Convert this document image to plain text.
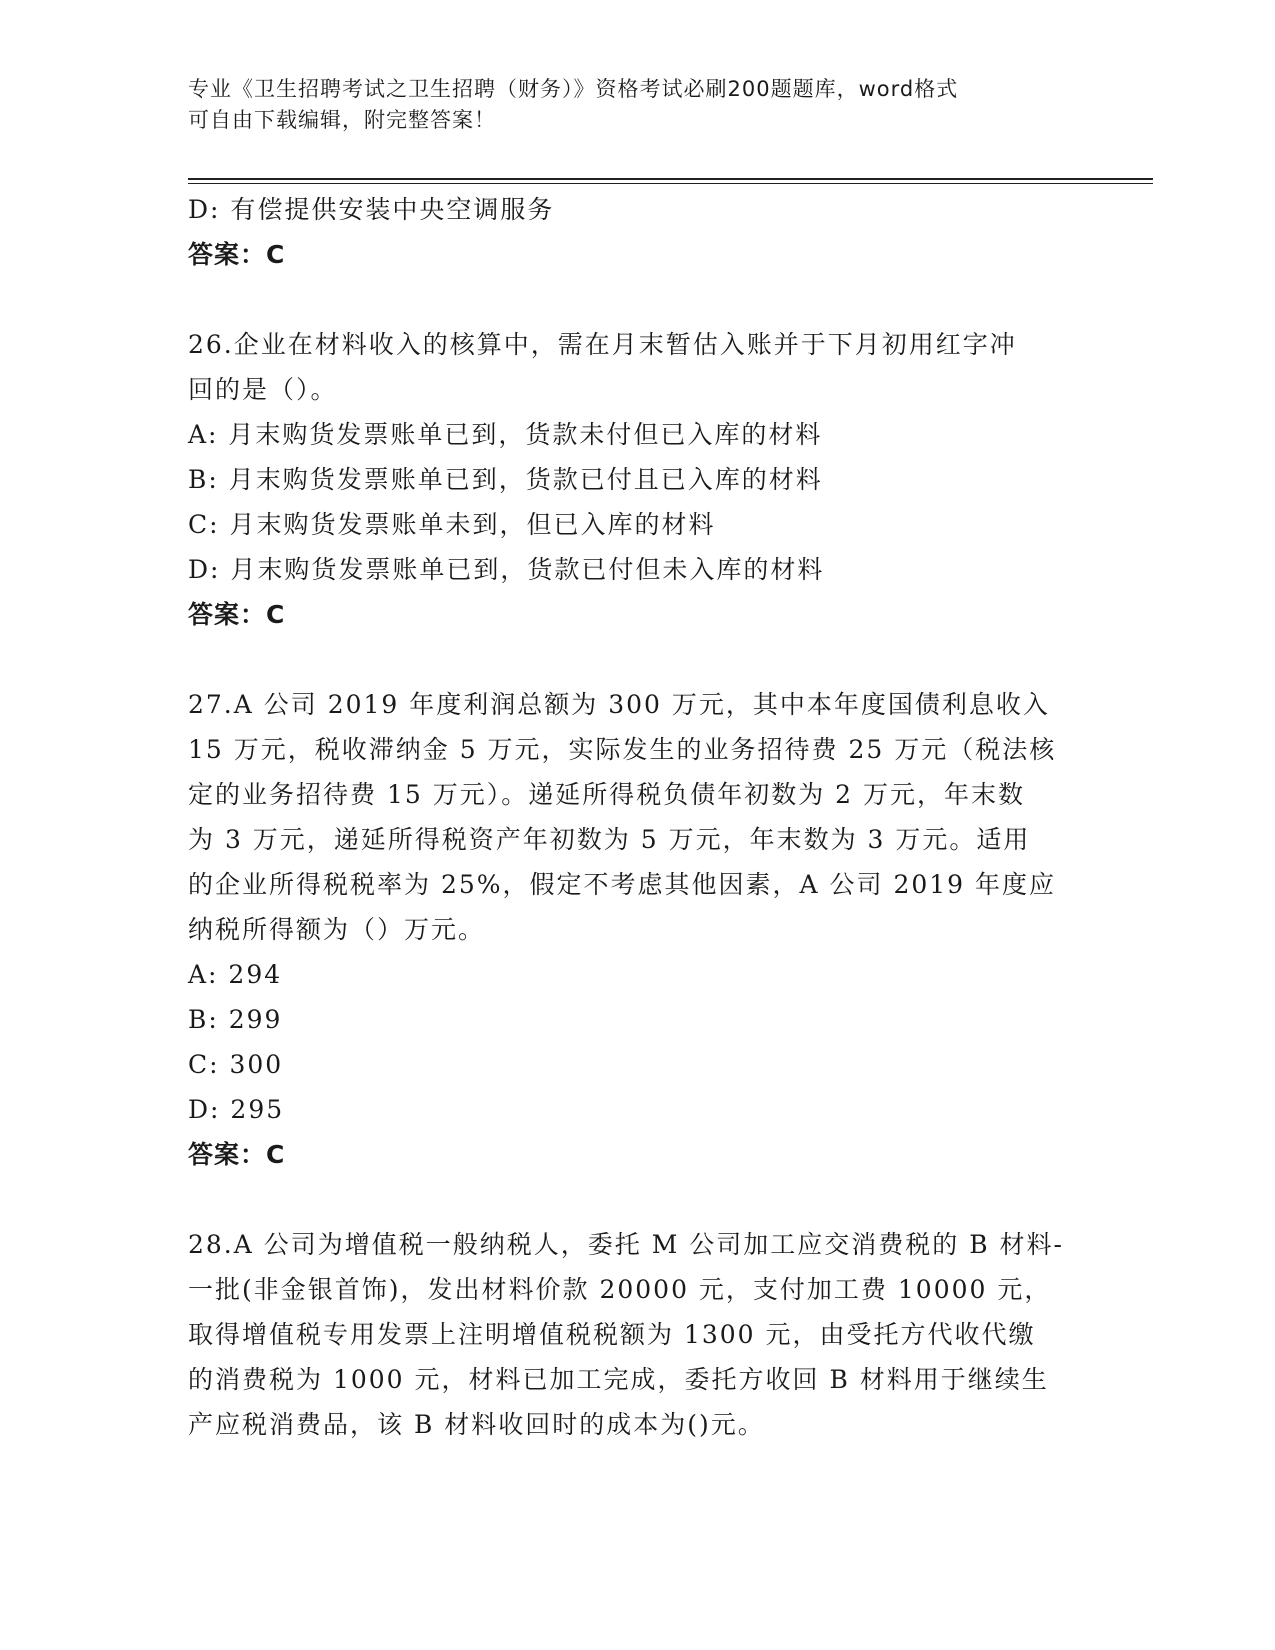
专业《卫生招聘考试之卫生招聘（财务）》资格考试必刷200题题库，word格式

可自由下载编辑，附完整答案！

D: 有偿提供安装中央空调服务
答案：C
26.企业在材料收入的核算中，需在月末暂估入账并于下月初用红字冲
回的是（）。
A: 月末购货发票账单已到，货款未付但已入库的材料
B: 月末购货发票账单已到，货款已付且已入库的材料
C: 月末购货发票账单未到，但已入库的材料
D: 月末购货发票账单已到，货款已付但未入库的材料
答案：C
27.A 公司 2019 年度利润总额为 300 万元，其中本年度国债利息收入
15 万元，税收滞纳金 5 万元，实际发生的业务招待费 25 万元（税法核
定的业务招待费 15 万元）。递延所得税负债年初数为 2 万元，年末数
为 3 万元，递延所得税资产年初数为 5 万元，年末数为 3 万元。适用
的企业所得税税率为 25%，假定不考虑其他因素，A 公司 2019 年度应
纳税所得额为（）万元。
A: 294
B: 299
C: 300
D: 295
答案：C
28.A 公司为增值税一般纳税人，委托 M 公司加工应交消费税的 B 材料-
一批(非金银首饰)，发出材料价款 20000 元，支付加工费 10000 元，
取得增值税专用发票上注明增值税税额为 1300 元，由受托方代收代缴
的消费税为 1000 元，材料已加工完成，委托方收回 B 材料用于继续生
产应税消费品，该 B 材料收回时的成本为()元。
